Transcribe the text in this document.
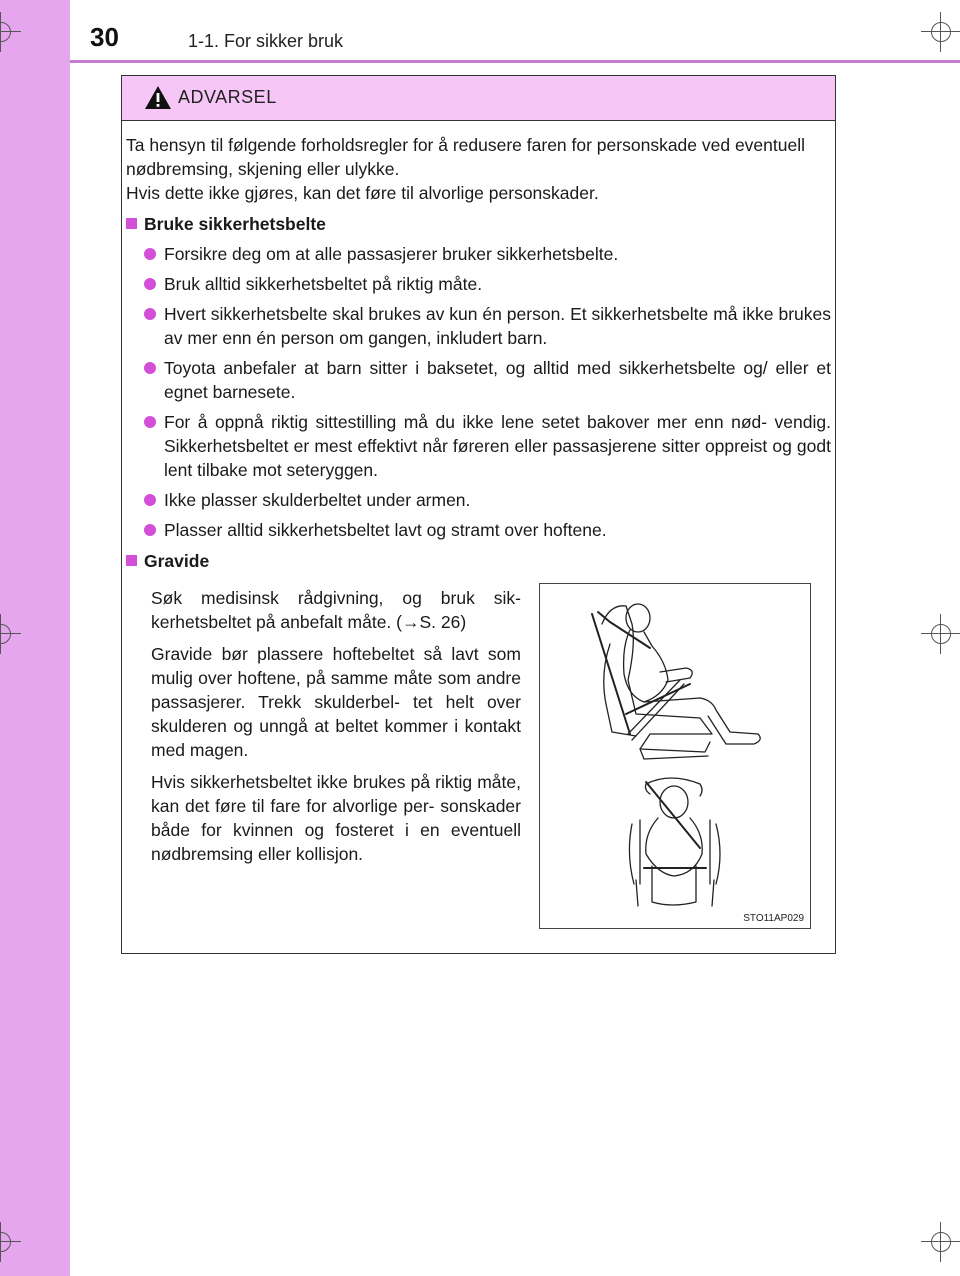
30	1-1. For sikker bruk
ADVARSEL

Ta hensyn til følgende forholdsregler for å redusere faren for personskade ved eventuell nødbremsing, skjening eller ulykke.

Hvis dette ikke gjøres, kan det føre til alvorlige personskader.

Bruke sikkerhetsbelte
Forsikre deg om at alle passasjerer bruker sikkerhetsbelte.
Bruk alltid sikkerhetsbeltet på riktig måte.
Hvert sikkerhetsbelte skal brukes av kun én person. Et sikkerhetsbelte må ikke brukes av mer enn én person om gangen, inkludert barn.
Toyota anbefaler at barn sitter i baksetet, og alltid med sikkerhetsbelte og/ eller et egnet barnesete.
For å oppnå riktig sittestilling må du ikke lene setet bakover mer enn nød- vendig. Sikkerhetsbeltet er mest effektivt når føreren eller passasjerene sitter oppreist og godt lent tilbake mot seteryggen.
Ikke plasser skulderbeltet under armen.
Plasser alltid sikkerhetsbeltet lavt og stramt over hoftene.
Gravide

Søk medisinsk rådgivning, og bruk sik- kerhetsbeltet på anbefalt måte. (→S. 26)

Gravide bør plassere hoftebeltet så lavt som mulig over hoftene, på samme måte som andre passasjerer. Trekk skulderbel- tet helt over skulderen og unngå at beltet kommer i kontakt med magen.

Hvis sikkerhetsbeltet ikke brukes på riktig måte, kan det føre til fare for alvorlige per- sonskader både for kvinnen og fosteret i en eventuell nødbremsing eller kollisjon.

STO11AP029
